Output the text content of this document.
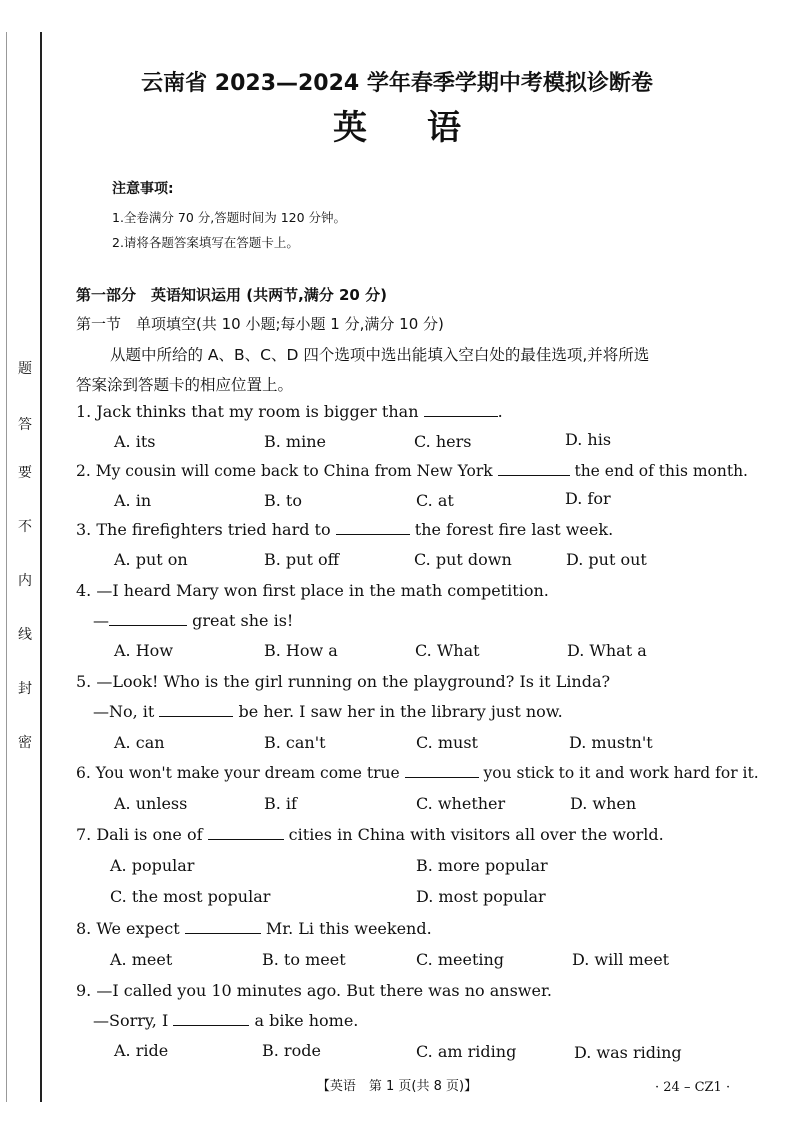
题
答
要
不
内
线
封
密
云南省 2023—2024 学年春季学期中考模拟诊断卷
英语
注意事项:
1.全卷满分 70 分,答题时间为 120 分钟。
2.请将各题答案填写在答题卡上。
第一部分　英语知识运用 (共两节,满分 20 分)
第一节　单项填空(共 10 小题;每小题 1 分,满分 10 分)
从题中所给的 A、B、C、D 四个选项中选出能填入空白处的最佳选项,并将所选
答案涂到答题卡的相应位置上。
1. Jack thinks that my room is bigger than	.
A. its	B. mine	C. hers	D. his
2. My cousin will come back to China from New York	the end of this month.
A. in	B. to	C. at	D. for
3. The firefighters tried hard to	the forest fire last week.
A. put on	B. put off	C. put down	D. put out
4. —I heard Mary won first place in the math competition.
—	great she is!
A. How	B. How a	C. What	D. What a
5. —Look! Who is the girl running on the playground? Is it Linda?
—No, it	be her. I saw her in the library just now.
A. can	B. can't	C. must	D. mustn't
6. You won't make your dream come true	you stick to it and work hard for it.
A. unless	B. if	C. whether	D. when
7. Dali is one of	cities in China with visitors all over the world.
A. popular	B. more popular
C. the most popular	D. most popular
8. We expect	Mr. Li this weekend.
A. meet	B. to meet	C. meeting	D. will meet
9. —I called you 10 minutes ago. But there was no answer.
—Sorry, I	a bike home.
A. ride	B. rode	C. am riding	D. was riding
【英语　第 1 页(共 8 页)】	· 24 – CZ1 ·
